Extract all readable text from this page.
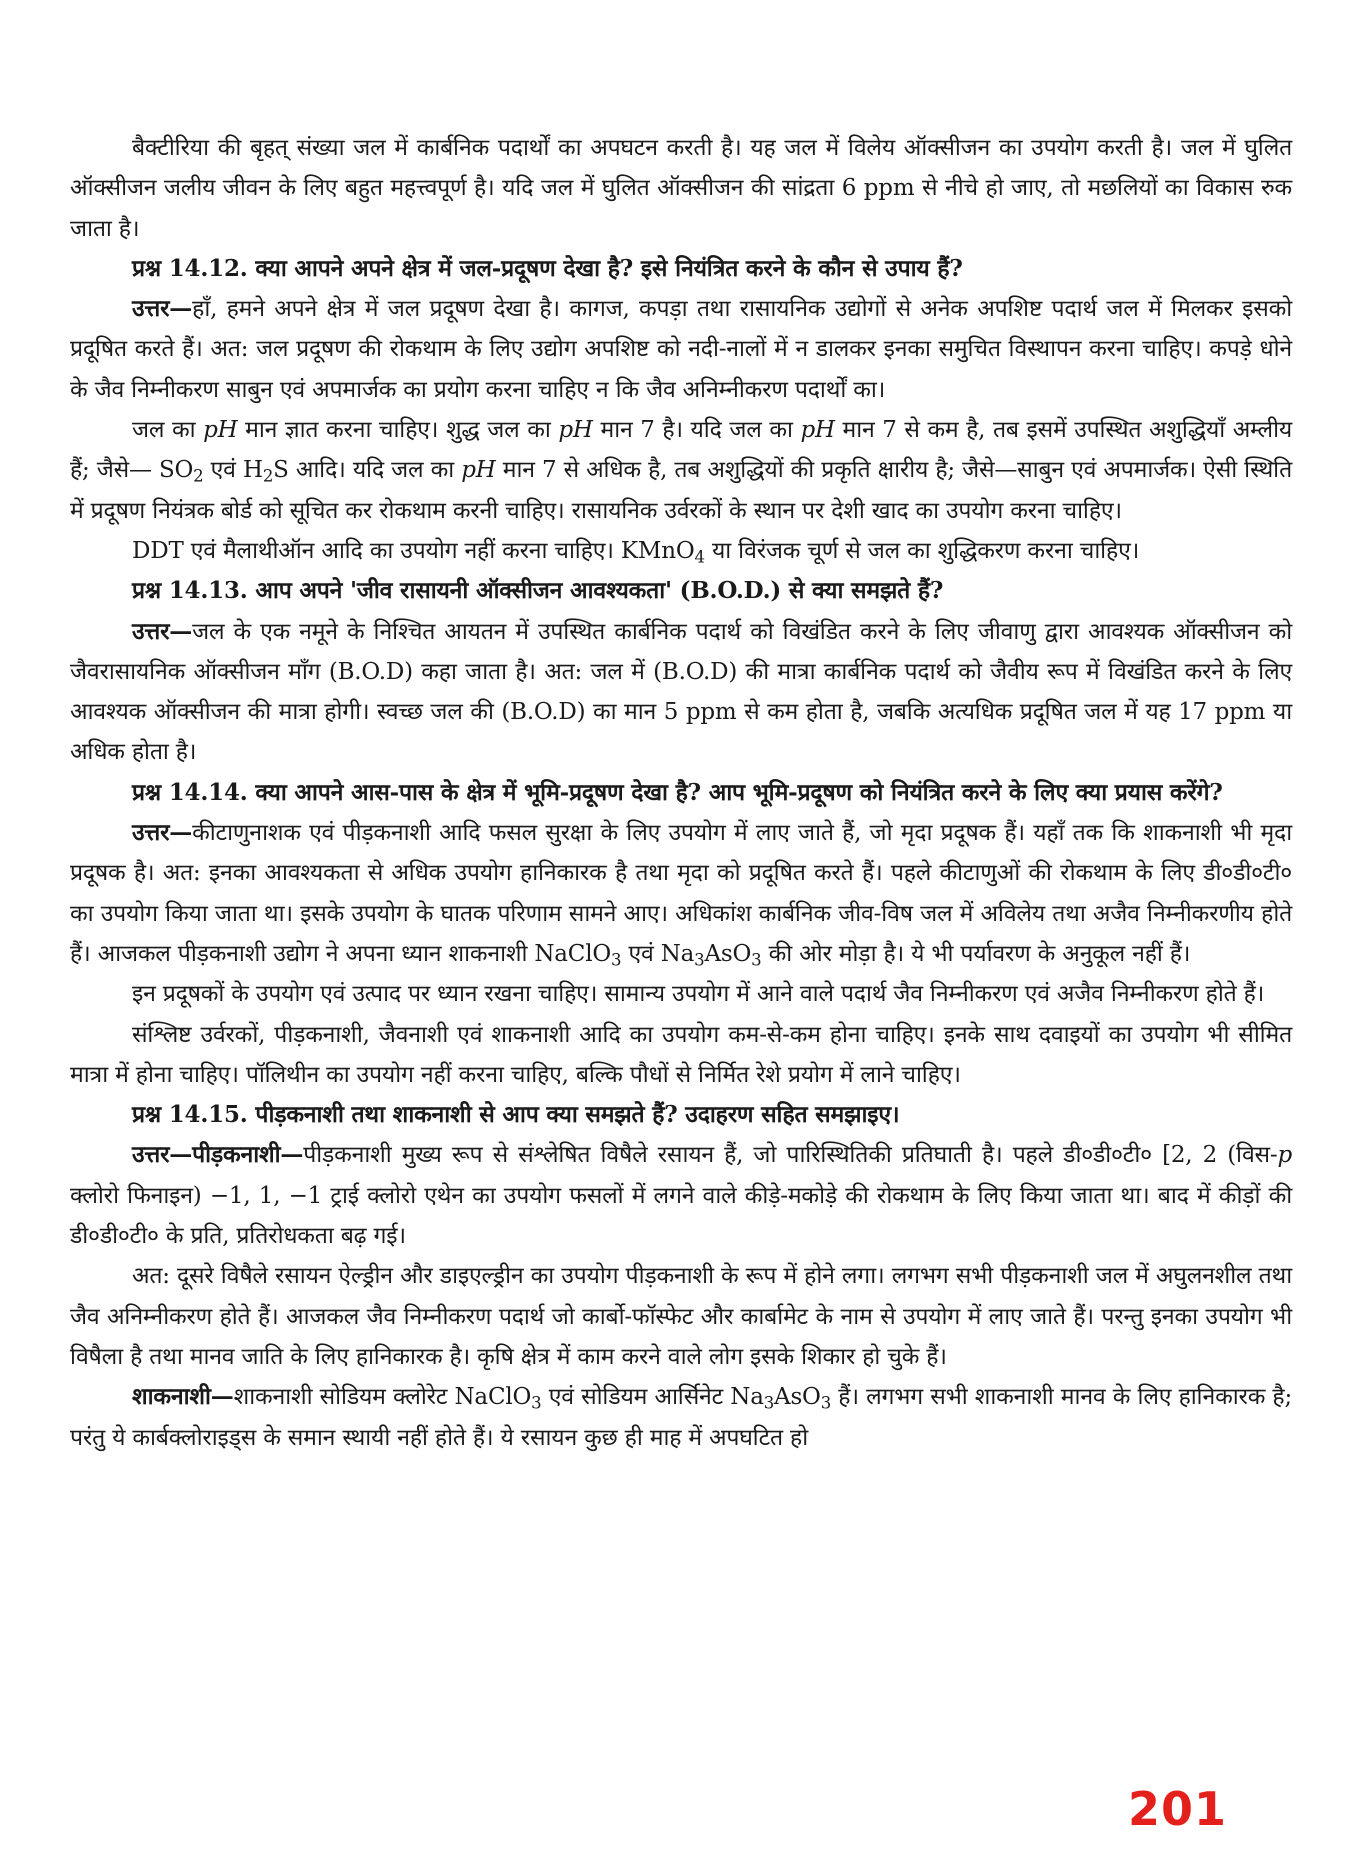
बैक्टीरिया की बृहत् संख्या जल में कार्बनिक पदार्थों का अपघटन करती है। यह जल में विलेय ऑक्सीजन का उपयोग करती है। जल में घुलित ऑक्सीजन जलीय जीवन के लिए बहुत महत्त्वपूर्ण है। यदि जल में घुलित ऑक्सीजन की सांद्रता 6 ppm से नीचे हो जाए, तो मछलियों का विकास रुक जाता है।

प्रश्न 14.12. क्या आपने अपने क्षेत्र में जल-प्रदूषण देखा है? इसे नियंत्रित करने के कौन से उपाय हैं?

उत्तर—हाँ, हमने अपने क्षेत्र में जल प्रदूषण देखा है। कागज, कपड़ा तथा रासायनिक उद्योगों से अनेक अपशिष्ट पदार्थ जल में मिलकर इसको प्रदूषित करते हैं। अत: जल प्रदूषण की रोकथाम के लिए उद्योग अपशिष्ट को नदी-नालों में न डालकर इनका समुचित विस्थापन करना चाहिए। कपड़े धोने के जैव निम्नीकरण साबुन एवं अपमार्जक का प्रयोग करना चाहिए न कि जैव अनिम्नीकरण पदार्थों का।

जल का pH मान ज्ञात करना चाहिए। शुद्ध जल का pH मान 7 है। यदि जल का pH मान 7 से कम है, तब इसमें उपस्थित अशुद्धियाँ अम्लीय हैं; जैसे— $SO_2$ एवं $H_2S$ आदि। यदि जल का pH मान 7 से अधिक है, तब अशुद्धियों की प्रकृति क्षारीय है; जैसे—साबुन एवं अपमार्जक। ऐसी स्थिति में प्रदूषण नियंत्रक बोर्ड को सूचित कर रोकथाम करनी चाहिए। रासायनिक उर्वरकों के स्थान पर देशी खाद का उपयोग करना चाहिए।

DDT एवं मैलाथीऑन आदि का उपयोग नहीं करना चाहिए। KMnO$_4$ या विरंजक चूर्ण से जल का शुद्धिकरण करना चाहिए।

प्रश्न 14.13. आप अपने 'जीव रासायनी ऑक्सीजन आवश्यकता' (B.O.D.) से क्या समझते हैं?

उत्तर—जल के एक नमूने के निश्चित आयतन में उपस्थित कार्बनिक पदार्थ को विखंडित करने के लिए जीवाणु द्वारा आवश्यक ऑक्सीजन को जैवरासायनिक ऑक्सीजन माँग (B.O.D) कहा जाता है। अत: जल में (B.O.D) की मात्रा कार्बनिक पदार्थ को जैवीय रूप में विखंडित करने के लिए आवश्यक ऑक्सीजन की मात्रा होगी। स्वच्छ जल की (B.O.D) का मान 5 ppm से कम होता है, जबकि अत्यधिक प्रदूषित जल में यह 17 ppm या अधिक होता है।

प्रश्न 14.14. क्या आपने आस-पास के क्षेत्र में भूमि-प्रदूषण देखा है? आप भूमि-प्रदूषण को नियंत्रित करने के लिए क्या प्रयास करेंगे?

उत्तर—कीटाणुनाशक एवं पीड़कनाशी आदि फसल सुरक्षा के लिए उपयोग में लाए जाते हैं, जो मृदा प्रदूषक हैं। यहाँ तक कि शाकनाशी भी मृदा प्रदूषक है। अत: इनका आवश्यकता से अधिक उपयोग हानिकारक है तथा मृदा को प्रदूषित करते हैं। पहले कीटाणुओं की रोकथाम के लिए डी०डी०टी० का उपयोग किया जाता था। इसके उपयोग के घातक परिणाम सामने आए। अधिकांश कार्बनिक जीव-विष जल में अविलेय तथा अजैव निम्नीकरणीय होते हैं। आजकल पीड़कनाशी उद्योग ने अपना ध्यान शाकनाशी NaClO$_3$ एवं $Na_3AsO_3$ की ओर मोड़ा है। ये भी पर्यावरण के अनुकूल नहीं हैं।

इन प्रदूषकों के उपयोग एवं उत्पाद पर ध्यान रखना चाहिए। सामान्य उपयोग में आने वाले पदार्थ जैव निम्नीकरण एवं अजैव निम्नीकरण होते हैं।

संश्लिष्ट उर्वरकों, पीड़कनाशी, जैवनाशी एवं शाकनाशी आदि का उपयोग कम-से-कम होना चाहिए। इनके साथ दवाइयों का उपयोग भी सीमित मात्रा में होना चाहिए। पॉलिथीन का उपयोग नहीं करना चाहिए, बल्कि पौधों से निर्मित रेशे प्रयोग में लाने चाहिए।

प्रश्न 14.15. पीड़कनाशी तथा शाकनाशी से आप क्या समझते हैं? उदाहरण सहित समझाइए।

उत्तर—पीड़कनाशी—पीड़कनाशी मुख्य रूप से संश्लेषित विषैले रसायन हैं, जो पारिस्थितिकी प्रतिघाती है। पहले डी०डी०टी० [2, 2 (विस-p क्लोरो फिनाइन) −1, 1, −1 ट्राई क्लोरो एथेन का उपयोग फसलों में लगने वाले कीड़े-मकोड़े की रोकथाम के लिए किया जाता था। बाद में कीड़ों की डी०डी०टी० के प्रति, प्रतिरोधकता बढ़ गई।

अत: दूसरे विषैले रसायन ऐल्ड्रीन और डाइएल्ड्रीन का उपयोग पीड़कनाशी के रूप में होने लगा। लगभग सभी पीड़कनाशी जल में अघुलनशील तथा जैव अनिम्नीकरण होते हैं। आजकल जैव निम्नीकरण पदार्थ जो कार्बो-फॉस्फेट और कार्बामेट के नाम से उपयोग में लाए जाते हैं। परन्तु इनका उपयोग भी विषैला है तथा मानव जाति के लिए हानिकारक है। कृषि क्षेत्र में काम करने वाले लोग इसके शिकार हो चुके हैं।

शाकनाशी—शाकनाशी सोडियम क्लोरेट NaClO$_3$ एवं सोडियम आर्सिनेट $Na_3AsO_3$ हैं। लगभग सभी शाकनाशी मानव के लिए हानिकारक है; परंतु ये कार्बक्लोराइड्स के समान स्थायी नहीं होते हैं। ये रसायन कुछ ही माह में अपघटित हो

201
